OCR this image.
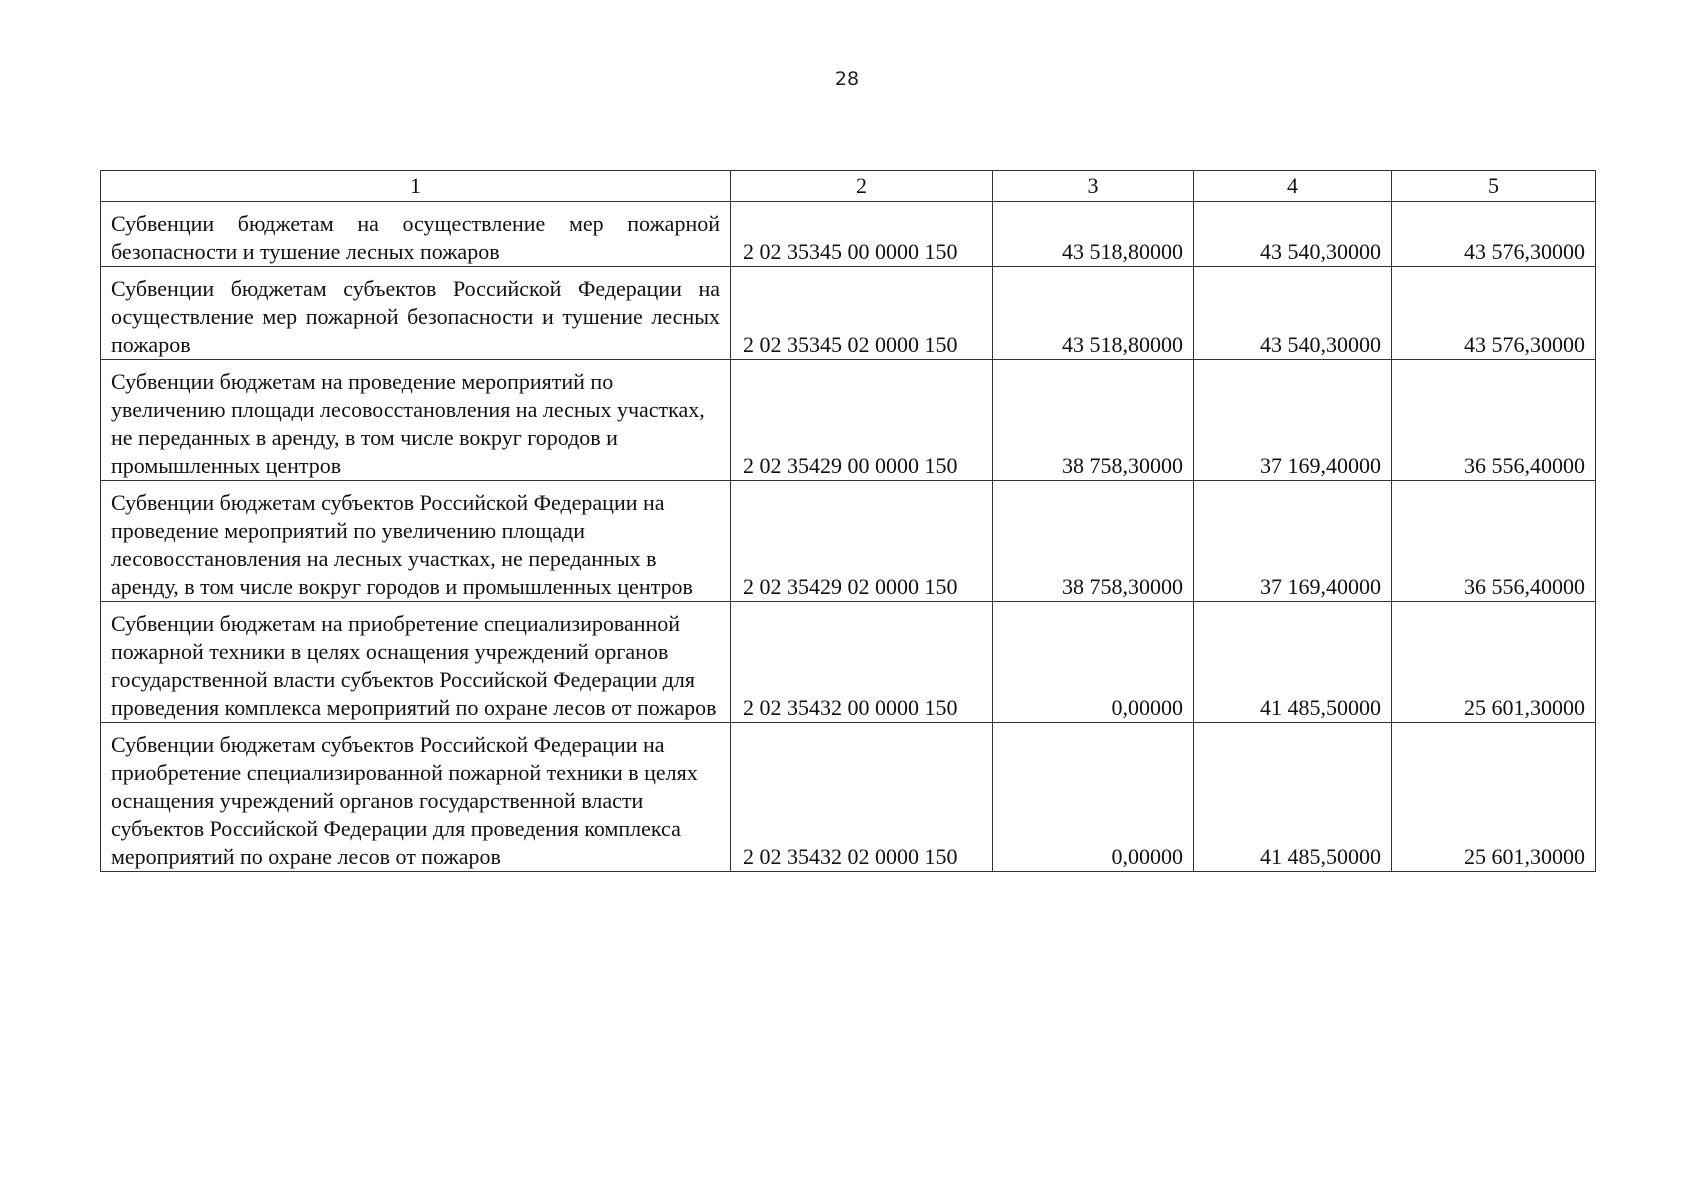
28
1	2	3	4	5
Субвенции бюджетам на осуществление мер пожарной безопасности и тушение лесных пожаров	2 02 35345 00 0000 150	43 518,80000	43 540,30000	43 576,30000
Субвенции бюджетам субъектов Российской Федерации на осуществление мер пожарной безопасности и тушение лесных пожаров	2 02 35345 02 0000 150	43 518,80000	43 540,30000	43 576,30000
Субвенции бюджетам на проведение мероприятий по увеличению площади лесовосстановления на лесных участках, не переданных в аренду, в том числе вокруг городов и промышленных центров	2 02 35429 00 0000 150	38 758,30000	37 169,40000	36 556,40000
Субвенции бюджетам субъектов Российской Федерации на проведение мероприятий по увеличению площади лесовосстановления на лесных участках, не переданных в аренду, в том числе вокруг городов и промышленных центров	2 02 35429 02 0000 150	38 758,30000	37 169,40000	36 556,40000
Субвенции бюджетам на приобретение специализированной пожарной техники в целях оснащения учреждений органов государственной власти субъектов Российской Федерации для проведения комплекса мероприятий по охране лесов от пожаров	2 02 35432 00 0000 150	0,00000	41 485,50000	25 601,30000
Субвенции бюджетам субъектов Российской Федерации на приобретение специализированной пожарной техники в целях оснащения учреждений органов государственной власти субъектов Российской Федерации для проведения комплекса мероприятий по охране лесов от пожаров	2 02 35432 02 0000 150	0,00000	41 485,50000	25 601,30000
